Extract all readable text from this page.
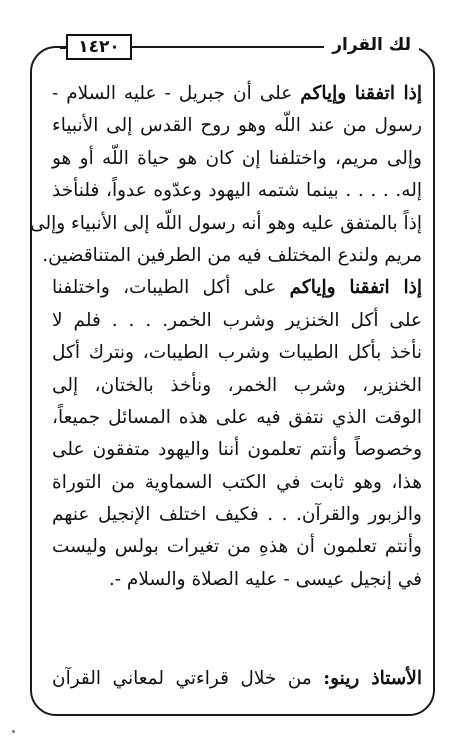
لك القرار
١٤٢٠
إذا اتفقنا وإياكم على أن جبريل - عليه السلام -
رسول من عند اللّه وهو روح القدس إلى الأنبياء
وإلى مريم، واختلفنا إن كان هو حياة اللّه أو هو
إله. . . . . بينما شتمه اليهود وعدّوه عدواً، فلنأخذ
إذاً بالمتفق عليه وهو أنه رسول اللّه إلى الأنبياء وإلى
مريم ولندع المختلف فيه من الطرفين المتناقضين.
إذا اتفقنا وإياكم على أكل الطيبات، واختلفنا
على أكل الخنزير وشرب الخمر. . . . فلم لا
نأخذ بأكل الطيبات وشرب الطيبات، ونترك أكل
الخنزير، وشرب الخمر، ونأخذ بالختان، إلى
الوقت الذي نتفق فيه على هذه المسائل جميعاً،
وخصوصاً وأنتم تعلمون أننا واليهود متفقون على
هذا، وهو ثابت في الكتب السماوية من التوراة
والزبور والقرآن. . . فكيف اختلف الإنجيل عنهم
وأنتم تعلمون أن هذهِ من تغيرات بولس وليست
في إنجيل عيسى - عليه الصلاة والسلام -.
الأستاذ رينو: من خلال قراءتي لمعاني القرآن
